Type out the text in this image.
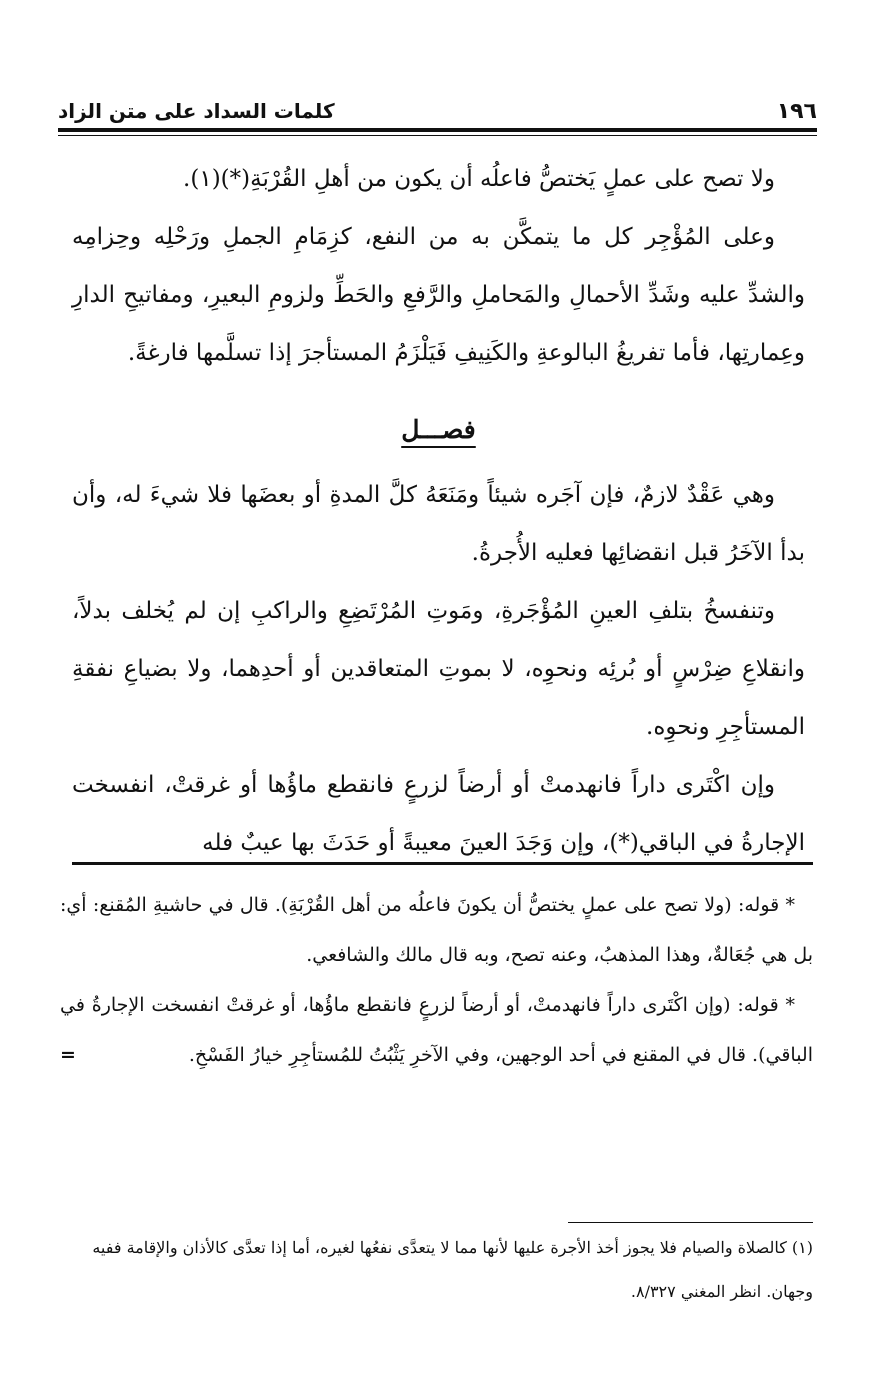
١٩٦
كلمات السداد على متن الزاد

ولا تصح على عملٍ يَختصُّ فاعلُه أن يكون من أهلِ القُرْبَةِ(*)(١).

وعلى المُؤْجِر كل ما يتمكَّن به من النفع، كزِمَامِ الجملِ ورَحْلِه وحِزامِه والشدِّ عليه وشَدِّ الأحمالِ والمَحاملِ والرَّفعِ والحَطِّ ولزومِ البعيرِ، ومفاتيحِ الدارِ وعِمارتِها، فأما تفريغُ البالوعةِ والكَنِيفِ فَيَلْزَمُ المستأجرَ إذا تسلَّمها فارغةً.

فصـــل

وهي عَقْدٌ لازمٌ، فإن آجَره شيئاً ومَنَعَهُ كلَّ المدةِ أو بعضَها فلا شيءَ له، وأن بدأ الآخَرُ قبل انقضائِها فعليه الأُجرةُ.

وتنفسخُ بتلفِ العينِ المُؤْجَرةِ، ومَوتِ المُرْتَضِعِ والراكبِ إن لم يُخلف بدلاً، وانقلاعِ ضِرْسٍ أو بُرئِه ونحوِه، لا بموتِ المتعاقدين أو أحدِهما، ولا بضياعِ نفقةِ المستأجِرِ ونحوِه.

وإن اكْتَرى داراً فانهدمتْ أو أرضاً لزرعٍ فانقطع ماؤُها أو غرقتْ، انفسخت الإجارةُ في الباقي(*)، وإن وَجَدَ العينَ معيبةً أو حَدَثَ بها عيبٌ فله

* قوله: (ولا تصح على عملٍ يختصُّ أن يكونَ فاعلُه من أهل القُرْبَةِ). قال في حاشيةِ المُقنع: أي: بل هي جُعَالةٌ، وهذا المذهبُ، وعنه تصح، وبه قال مالك والشافعي.

* قوله: (وإن اكْتَرى داراً فانهدمتْ، أو أرضاً لزرعٍ فانقطع ماؤُها، أو غرقتْ انفسخت الإجارةُ في الباقي). قال في المقنع في أحد الوجهين، وفي الآخرِ يَثْبُتُ للمُستأجِرِ خيارُ الفَسْخِ.
=

(١) كالصلاة والصيام فلا يجوز أخذ الأجرة عليها لأنها مما لا يتعدَّى نفعُها لغيره، أما إذا تعدَّى كالأذان والإقامة ففيه وجهان. انظر المغني ٨/٣٢٧.
